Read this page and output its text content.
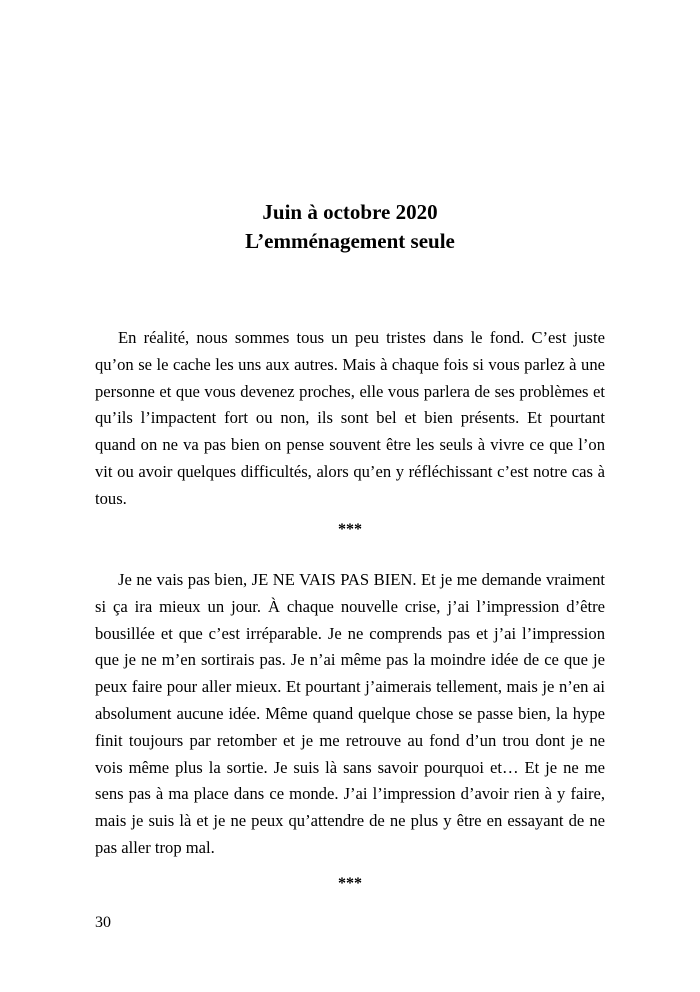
Juin à octobre 2020
L’emménagement seule

En réalité, nous sommes tous un peu tristes dans le fond. C’est juste qu’on se le cache les uns aux autres. Mais à chaque fois si vous parlez à une personne et que vous devenez proches, elle vous parlera de ses problèmes et qu’ils l’impactent fort ou non, ils sont bel et bien présents. Et pourtant quand on ne va pas bien on pense souvent être les seuls à vivre ce que l’on vit ou avoir quelques difficultés, alors qu’en y réfléchissant c’est notre cas à tous.

***

Je ne vais pas bien, JE NE VAIS PAS BIEN. Et je me demande vraiment si ça ira mieux un jour. À chaque nouvelle crise, j’ai l’impression d’être bousillée et que c’est irréparable. Je ne comprends pas et j’ai l’impression que je ne m’en sortirais pas. Je n’ai même pas la moindre idée de ce que je peux faire pour aller mieux. Et pourtant j’aimerais tellement, mais je n’en ai absolument aucune idée. Même quand quelque chose se passe bien, la hype finit toujours par retomber et je me retrouve au fond d’un trou dont je ne vois même plus la sortie. Je suis là sans savoir pourquoi et… Et je ne me sens pas à ma place dans ce monde. J’ai l’impression d’avoir rien à y faire, mais je suis là et je ne peux qu’attendre de ne plus y être en essayant de ne pas aller trop mal.

***
30
